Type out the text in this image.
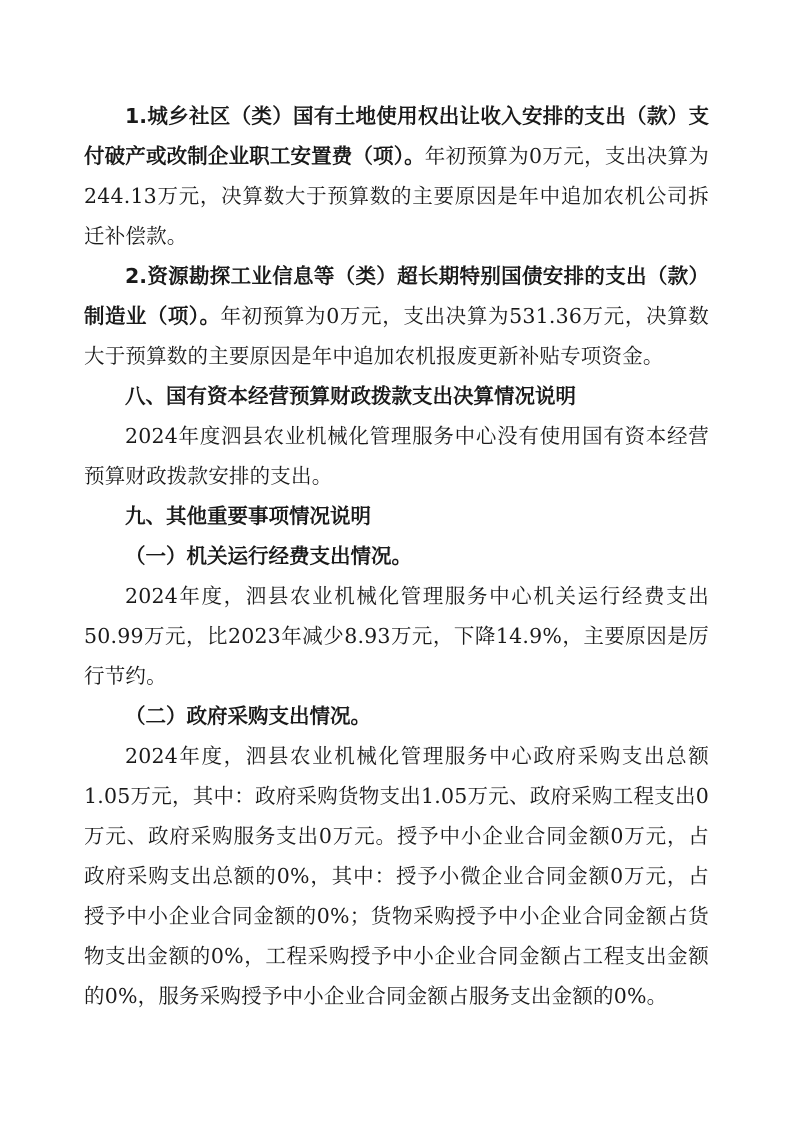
1.城乡社区（类）国有土地使用权出让收入安排的支出（款）支付破产或改制企业职工安置费（项）。年初预算为0万元，支出决算为244.13万元，决算数大于预算数的主要原因是年中追加农机公司拆迁补偿款。

2.资源勘探工业信息等（类）超长期特别国债安排的支出（款）制造业（项）。年初预算为0万元，支出决算为531.36万元，决算数大于预算数的主要原因是年中追加农机报废更新补贴专项资金。

八、国有资本经营预算财政拨款支出决算情况说明

2024年度泗县农业机械化管理服务中心没有使用国有资本经营预算财政拨款安排的支出。

九、其他重要事项情况说明

（一）机关运行经费支出情况。

2024年度，泗县农业机械化管理服务中心机关运行经费支出50.99万元，比2023年减少8.93万元，下降14.9%，主要原因是厉行节约。

（二）政府采购支出情况。

2024年度，泗县农业机械化管理服务中心政府采购支出总额1.05万元，其中：政府采购货物支出1.05万元、政府采购工程支出0万元、政府采购服务支出0万元。授予中小企业合同金额0万元，占政府采购支出总额的0%，其中：授予小微企业合同金额0万元，占授予中小企业合同金额的0%；货物采购授予中小企业合同金额占货物支出金额的0%，工程采购授予中小企业合同金额占工程支出金额的0%，服务采购授予中小企业合同金额占服务支出金额的0%。
